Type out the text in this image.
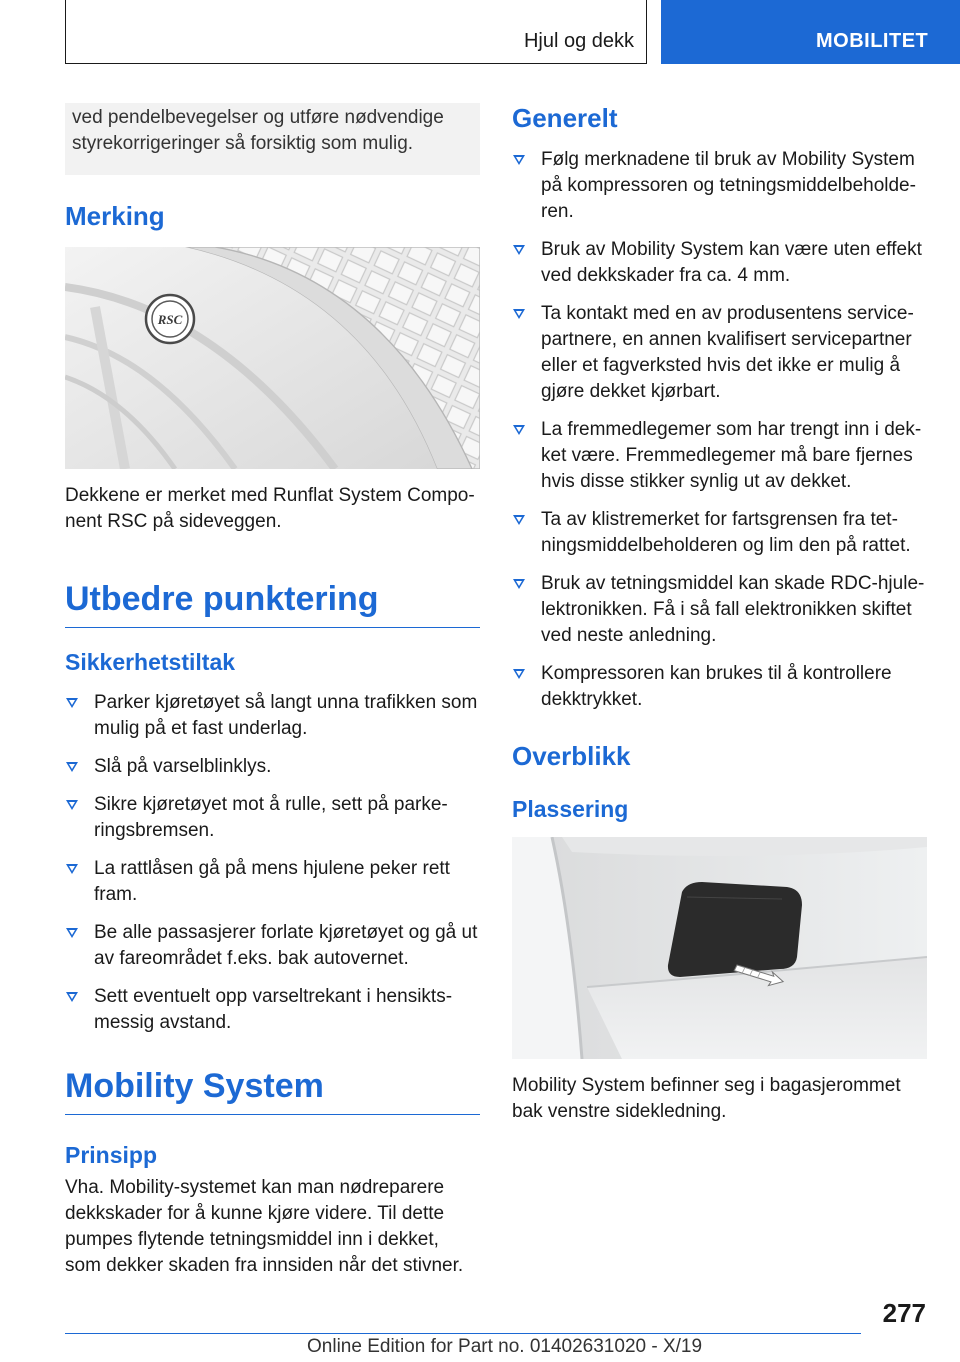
Hjul og dekk	MOBILITET

ved pendelbevegelser og utføre nødvendige styrekorrigeringer så forsiktig som mulig.

Merking
RSC

Dekkene er merket med Runflat System Compo-nent RSC på sideveggen.

Utbedre punktering
Sikkerhetstiltak
Parker kjøretøyet så langt unna trafikken som mulig på et fast underlag.
Slå på varselblinklys.
Sikre kjøretøyet mot å rulle, sett på parke-ringsbremsen.
La rattlåsen gå på mens hjulene peker rett fram.
Be alle passasjerer forlate kjøretøyet og gå ut av fareområdet f.eks. bak autovernet.
Sett eventuelt opp varseltrekant i hensikts-messig avstand.
Mobility System
Prinsipp

Vha. Mobility-systemet kan man nødreparere dekkskader for å kunne kjøre videre. Til dette pumpes flytende tetningsmiddel inn i dekket, som dekker skaden fra innsiden når det stivner.

Generelt
Følg merknadene til bruk av Mobility System på kompressoren og tetningsmiddelbeholde-ren.
Bruk av Mobility System kan være uten effekt ved dekkskader fra ca. 4 mm.
Ta kontakt med en av produsentens service-partnere, en annen kvalifisert servicepartner eller et fagverksted hvis det ikke er mulig å gjøre dekket kjørbart.
La fremmedlegemer som har trengt inn i dek-ket være. Fremmedlegemer må bare fjernes hvis disse stikker synlig ut av dekket.
Ta av klistremerket for fartsgrensen fra tet-ningsmiddelbeholderen og lim den på rattet.
Bruk av tetningsmiddel kan skade RDC-hjule-lektronikken. Få i så fall elektronikken skiftet ved neste anledning.
Kompressoren kan brukes til å kontrollere dekktrykket.
Overblikk
Plassering

Mobility System befinner seg i bagasjerommet bak venstre sidekledning.

277
Online Edition for Part no. 01402631020 - X/19
